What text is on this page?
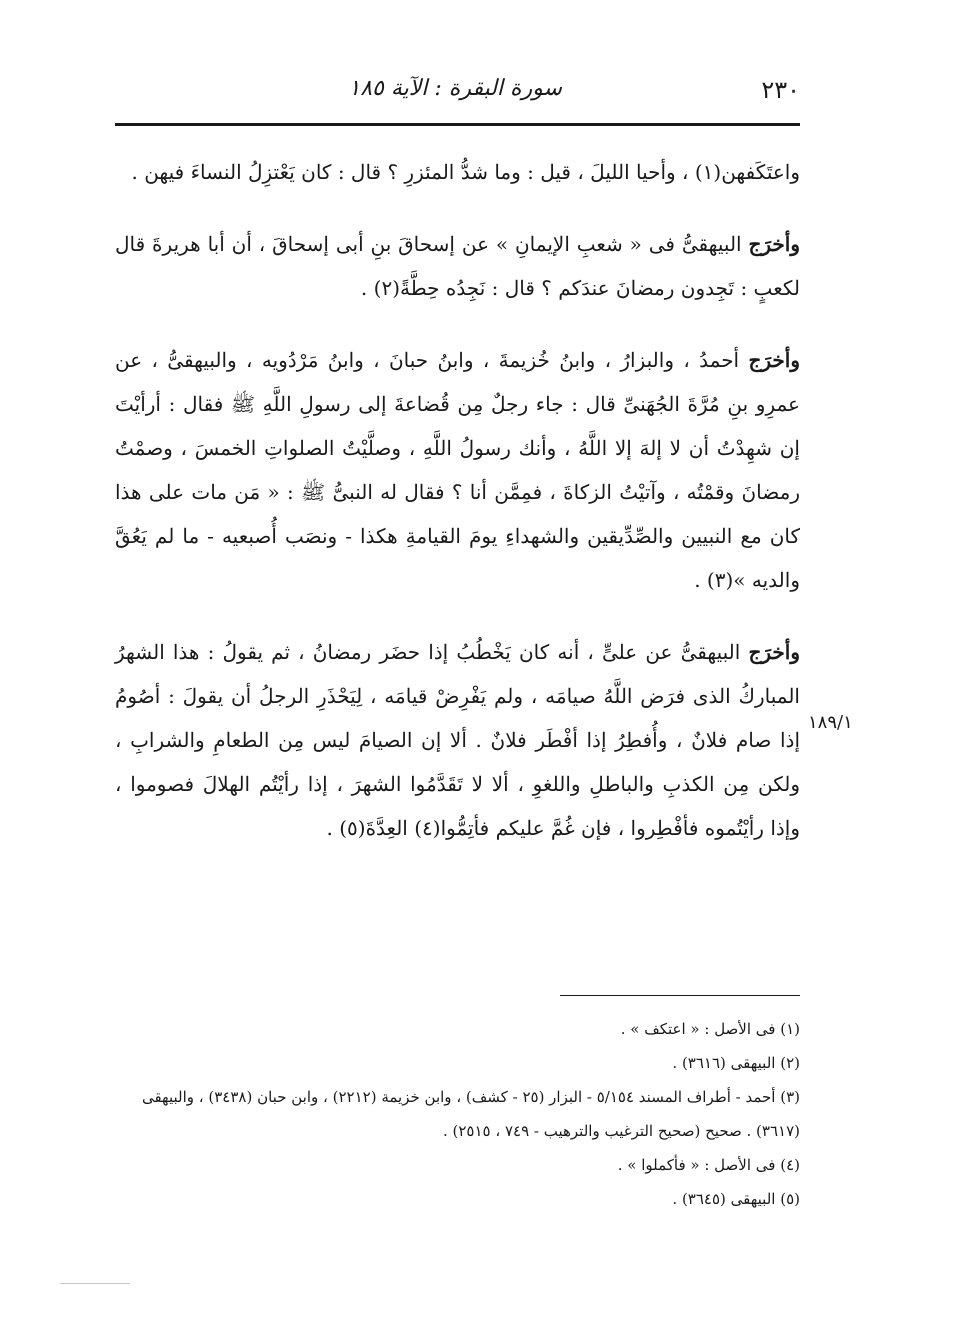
٢٣٠
سورة البقرة : الآية ١٨٥

واعتَكَفهن(١) ، وأحيا الليلَ ، قيل : وما شدُّ المئزرِ ؟ قال : كان يَعْتزِلُ النساءَ فيهن .

وأخرَج البيهقىُّ فى « شعبِ الإيمانِ » عن إسحاقَ بنِ أبى إسحاقَ ، أن أبا هريرةَ قال لكعبٍ : تَجِدون رمضانَ عندَكم ؟ قال : نَجِدُه حِطَّةً(٢) .

وأخرَج أحمدُ ، والبزارُ ، وابنُ خُزيمةَ ، وابنُ حبانَ ، وابنُ مَرْدُويه ، والبيهقىُّ ، عن عمرِو بنِ مُرَّةَ الجُهَنىِّ قال : جاء رجلٌ مِن قُضاعةَ إلى رسولِ اللَّهِ ﷺ فقال : أرأيْتَ إن شهِدْتُ أن لا إلهَ إلا اللَّهُ ، وأنك رسولُ اللَّهِ ، وصلَّيْتُ الصلواتِ الخمسَ ، وصمْتُ رمضانَ وقمْتُه ، وآتيْتُ الزكاةَ ، فمِمَّن أنا ؟ فقال له النبىُّ ﷺ : « مَن مات على هذا كان مع النبيين والصِّدِّيقين والشهداءِ يومَ القيامةِ هكذا - ونصَب أُصبعيه - ما لم يَعُقَّ والديه »(٣) .

وأخرَج البيهقىُّ عن علىٍّ ، أنه كان يَخْطُبُ إذا حضَر رمضانُ ، ثم يقولُ : هذا الشهرُ المباركُ الذى فرَض اللَّهُ صيامَه ، ولم يَفْرِضْ قيامَه ، لِيَحْذَرِ الرجلُ أن يقولَ : أصُومُ إذا صام فلانٌ ، وأُفطِرُ إذا أفْطَر فلانٌ . ألا إن الصيامَ ليس مِن الطعامِ والشرابِ ، ولكن مِن الكذبِ والباطلِ واللغوِ ، ألا لا تَقَدَّمُوا الشهرَ ، إذا رأيْتُم الهلالَ فصوموا ، وإذا رأيْتُموه فأفْطِروا ، فإن غُمَّ عليكم فأتِمُّوا(٤) العِدَّةَ(٥) .

١٨٩/١

(١) فى الأصل : « اعتكف » .

(٢) البيهقى (٣٦١٦) .

(٣) أحمد - أطراف المسند ٥/١٥٤ - البزار (٢٥ - كشف) ، وابن خزيمة (٢٢١٢) ، وابن حبان (٣٤٣٨) ، والبيهقى (٣٦١٧) . صحيح (صحيح الترغيب والترهيب - ٧٤٩ ، ٢٥١٥) .

(٤) فى الأصل : « فأكملوا » .

(٥) البيهقى (٣٦٤٥) .
